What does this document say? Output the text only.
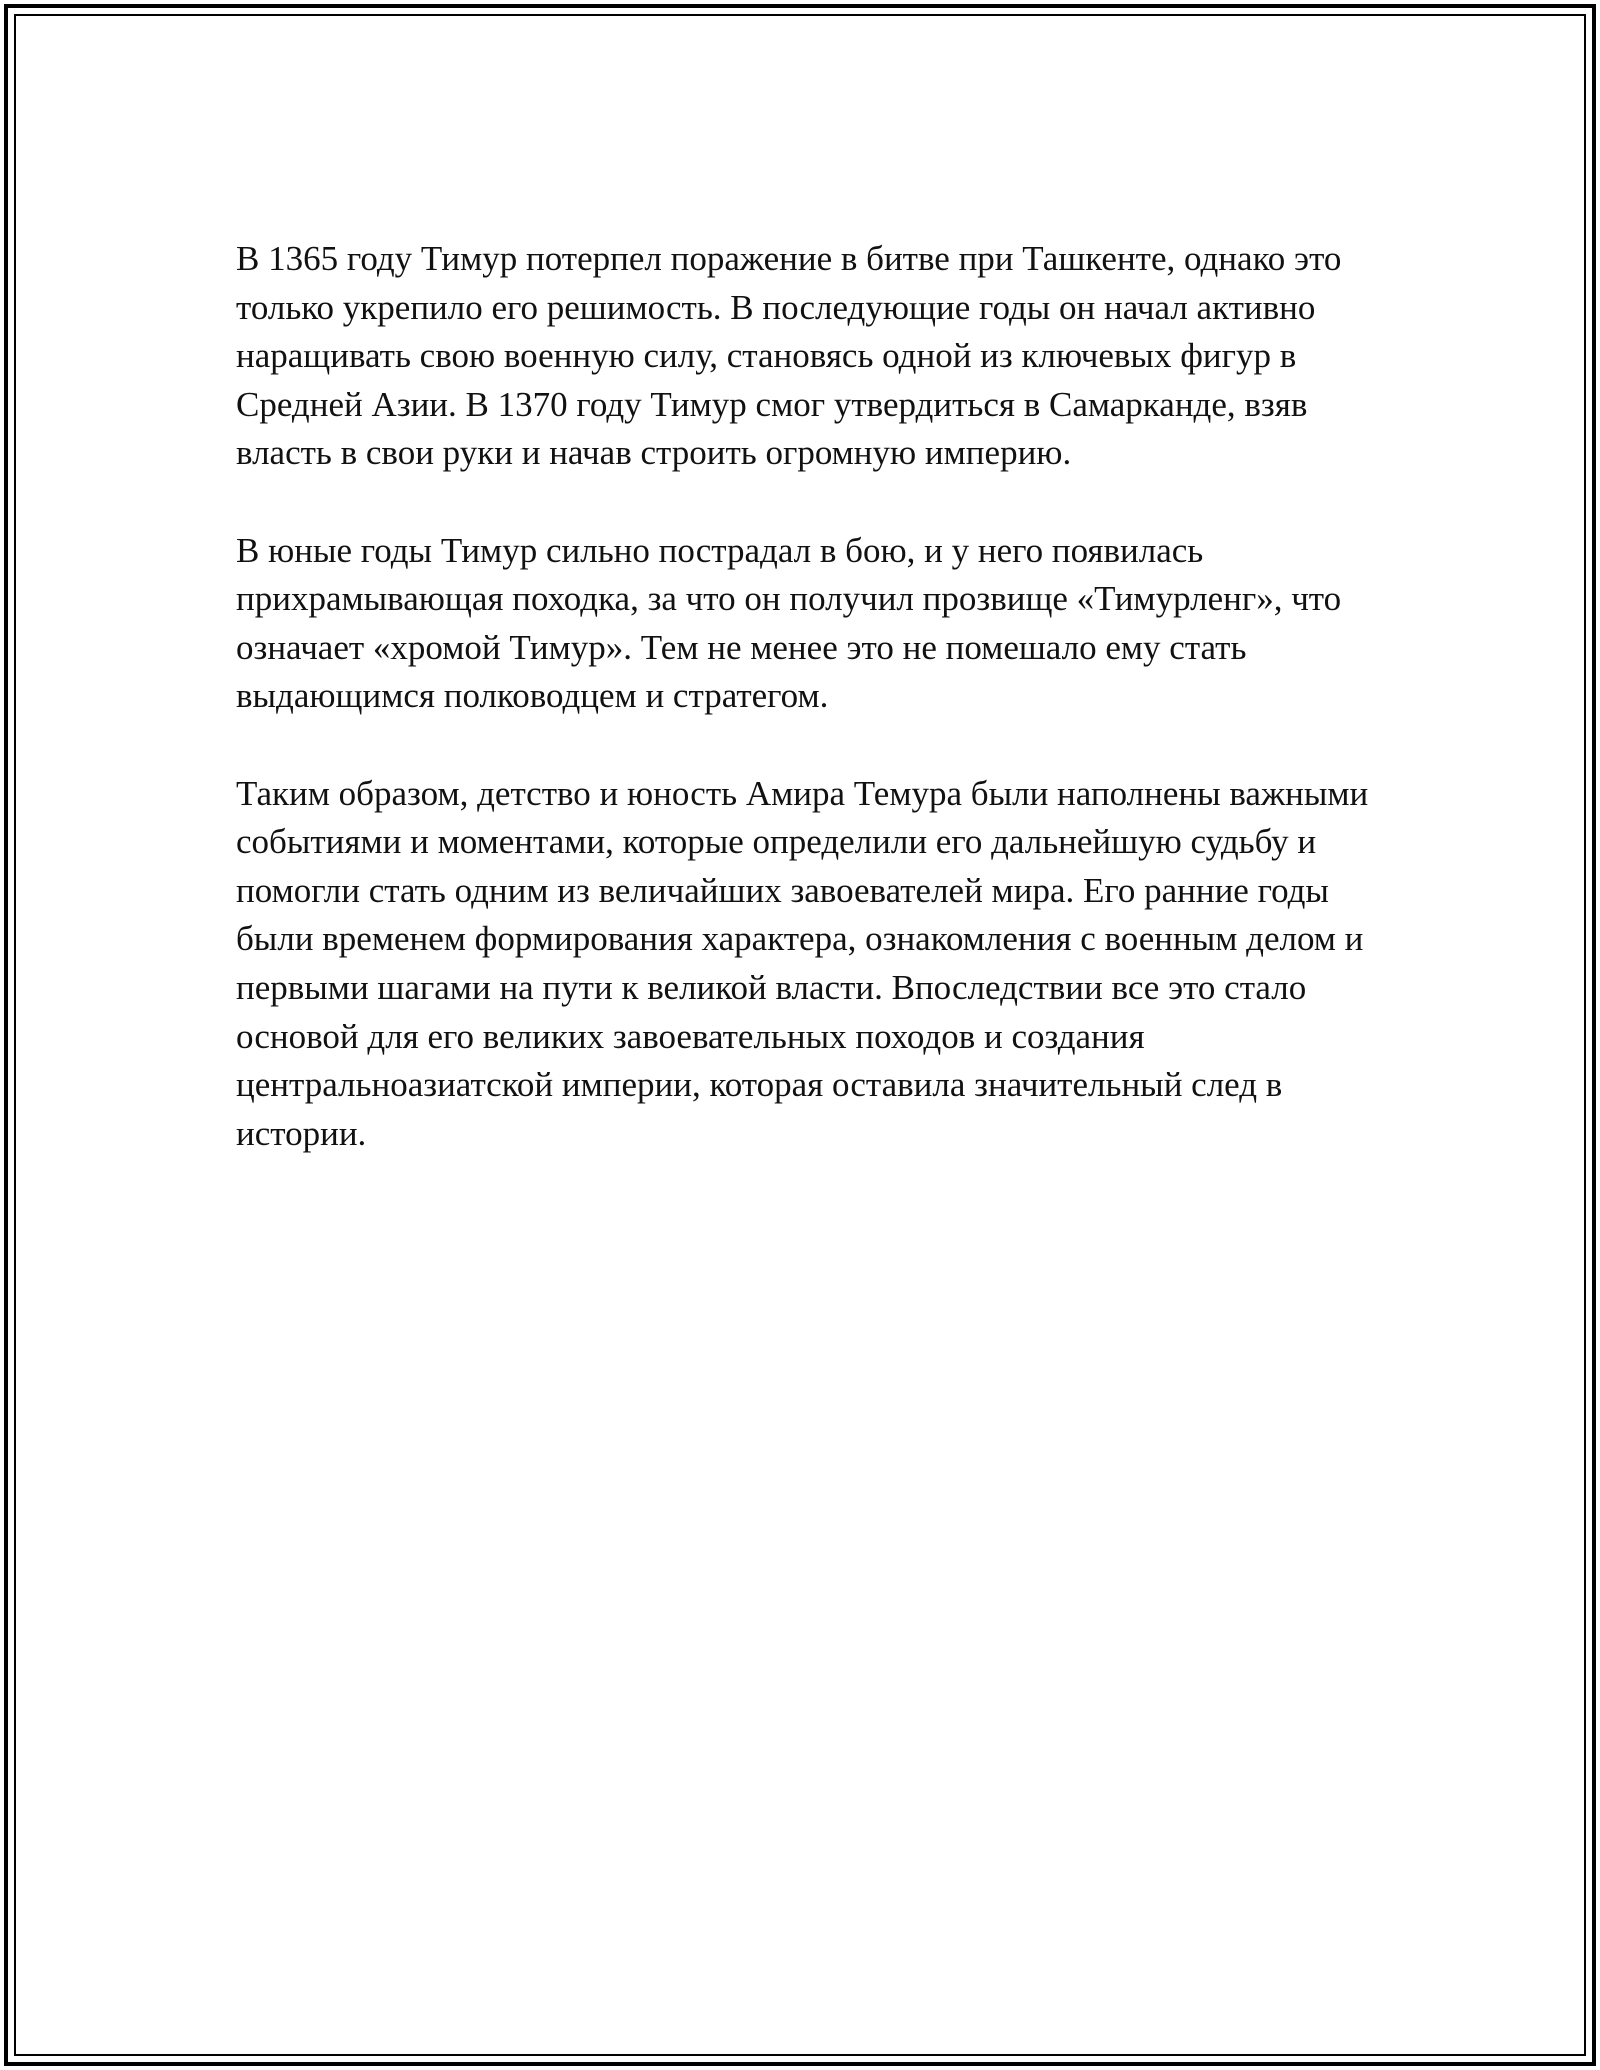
В 1365 году Тимур потерпел поражение в битве при Ташкенте, однако это только укрепило его решимость. В последующие годы он начал активно наращивать свою военную силу, становясь одной из ключевых фигур в Средней Азии. В 1370 году Тимур смог утвердиться в Самарканде, взяв власть в свои руки и начав строить огромную империю.

В юные годы Тимур сильно пострадал в бою, и у него появилась прихрамывающая походка, за что он получил прозвище «Тимурленг», что означает «хромой Тимур». Тем не менее это не помешало ему стать выдающимся полководцем и стратегом.

Таким образом, детство и юность Амира Темура были наполнены важными событиями и моментами, которые определили его дальнейшую судьбу и помогли стать одним из величайших завоевателей мира. Его ранние годы были временем формирования характера, ознакомления с военным делом и первыми шагами на пути к великой власти. Впоследствии все это стало основой для его великих завоевательных походов и создания центральноазиатской империи, которая оставила значительный след в истории.
